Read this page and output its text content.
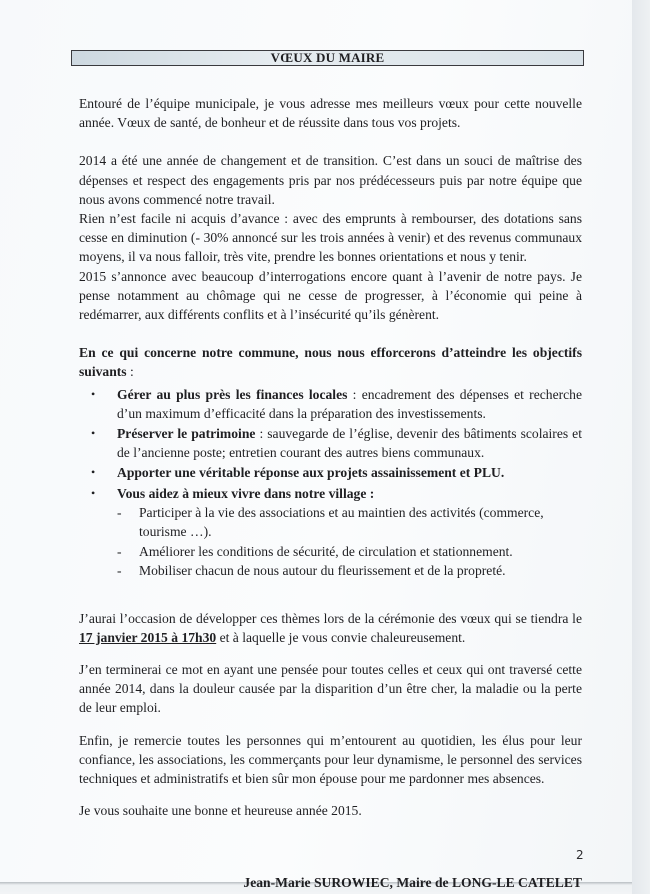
VŒUX DU MAIRE

Entouré de l’équipe municipale, je vous adresse mes meilleurs vœux pour cette nouvelle année. Vœux de santé, de bonheur et de réussite dans tous vos projets.

2014 a été une année de changement et de transition. C’est dans un souci de maîtrise des dépenses et respect des engagements pris par nos prédécesseurs puis par notre équipe que nous avons commencé notre travail.

Rien n’est facile ni acquis d’avance : avec des emprunts à rembourser, des dotations sans cesse en diminution (- 30% annoncé sur les trois années à venir) et des revenus communaux moyens, il va nous falloir, très vite, prendre les bonnes orientations et nous y tenir.

2015 s’annonce avec beaucoup d’interrogations encore quant à l’avenir de notre pays. Je pense notamment au chômage qui ne cesse de progresser, à l’économie qui peine à redémarrer, aux différents conflits et à l’insécurité qu’ils génèrent.

En ce qui concerne notre commune, nous nous efforcerons d’atteindre les objectifs suivants :

• Gérer au plus près les finances locales : encadrement des dépenses et recherche d’un maximum d’efficacité dans la préparation des investissements.
• Préserver le patrimoine : sauvegarde de l’église, devenir des bâtiments scolaires et de l’ancienne poste; entretien courant des autres biens communaux.
• Apporter une véritable réponse aux projets assainissement et PLU.
• Vous aidez à mieux vivre dans notre village :
- Participer à la vie des associations et au maintien des activités (commerce, tourisme …).
- Améliorer les conditions de sécurité, de circulation et stationnement.
- Mobiliser chacun de nous autour du fleurissement et de la propreté.

J’aurai l’occasion de développer ces thèmes lors de la cérémonie des vœux qui se tiendra le 17 janvier 2015 à 17h30 et à laquelle je vous convie chaleureusement.

J’en terminerai ce mot en ayant une pensée pour toutes celles et ceux qui ont traversé cette année 2014, dans la douleur causée par la disparition d’un être cher, la maladie ou la perte de leur emploi.

Enfin, je remercie toutes les personnes qui m’entourent au quotidien, les élus pour leur confiance, les associations, les commerçants pour leur dynamisme, le personnel des services techniques et administratifs et bien sûr mon épouse pour me pardonner mes absences.

Je vous souhaite une bonne et heureuse année 2015.

Jean-Marie SUROWIEC, Maire de LONG-LE CATELET
2
